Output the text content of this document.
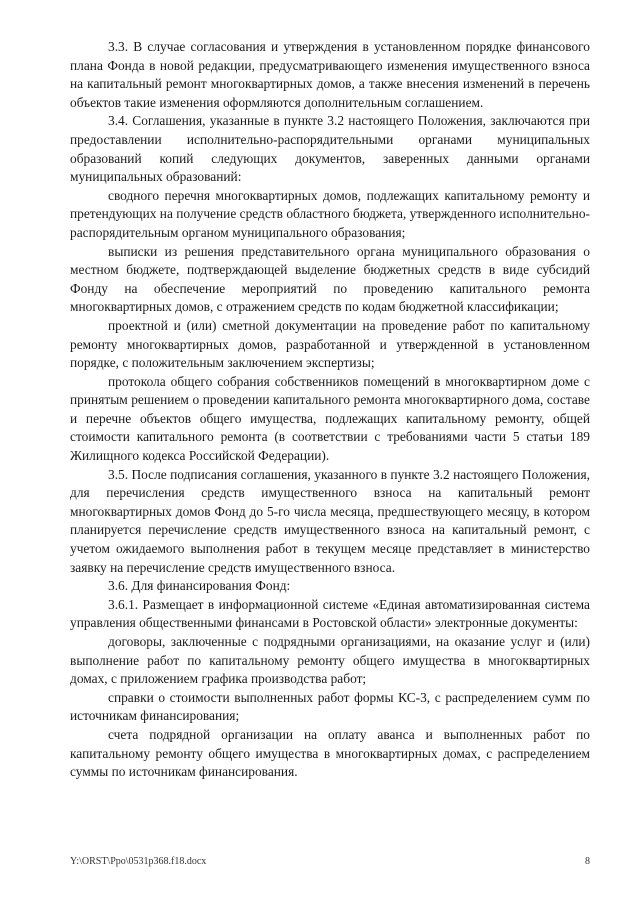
3.3. В случае согласования и утверждения в установленном порядке финансового плана Фонда в новой редакции, предусматривающего изменения имущественного взноса на капитальный ремонт многоквартирных домов, а также внесения изменений в перечень объектов такие изменения оформляются дополнительным соглашением.

3.4. Соглашения, указанные в пункте 3.2 настоящего Положения, заключаются при предоставлении исполнительно-распорядительными органами муниципальных образований копий следующих документов, заверенных данными органами муниципальных образований:

сводного перечня многоквартирных домов, подлежащих капитальному ремонту и претендующих на получение средств областного бюджета, утвержденного исполнительно-распорядительным органом муниципального образования;

выписки из решения представительного органа муниципального образования о местном бюджете, подтверждающей выделение бюджетных средств в виде субсидий Фонду на обеспечение мероприятий по проведению капитального ремонта многоквартирных домов, с отражением средств по кодам бюджетной классификации;

проектной и (или) сметной документации на проведение работ по капитальному ремонту многоквартирных домов, разработанной и утвержденной в установленном порядке, с положительным заключением экспертизы;

протокола общего собрания собственников помещений в многоквартирном доме с принятым решением о проведении капитального ремонта многоквартирного дома, составе и перечне объектов общего имущества, подлежащих капитальному ремонту, общей стоимости капитального ремонта (в соответствии с требованиями части 5 статьи 189 Жилищного кодекса Российской Федерации).

3.5. После подписания соглашения, указанного в пункте 3.2 настоящего Положения, для перечисления средств имущественного взноса на капитальный ремонт многоквартирных домов Фонд до 5-го числа месяца, предшествующего месяцу, в котором планируется перечисление средств имущественного взноса на капитальный ремонт, с учетом ожидаемого выполнения работ в текущем месяце представляет в министерство заявку на перечисление средств имущественного взноса.

3.6. Для финансирования Фонд:

3.6.1. Размещает в информационной системе «Единая автоматизированная система управления общественными финансами в Ростовской области» электронные документы:

договоры, заключенные с подрядными организациями, на оказание услуг и (или) выполнение работ по капитальному ремонту общего имущества в многоквартирных домах, с приложением графика производства работ;

справки о стоимости выполненных работ формы КС-3, с распределением сумм по источникам финансирования;

счета подрядной организации на оплату аванса и выполненных работ по капитальному ремонту общего имущества в многоквартирных домах, с распределением суммы по источникам финансирования.

Y:\ORST\Ppo\0531p368.f18.docx	8
